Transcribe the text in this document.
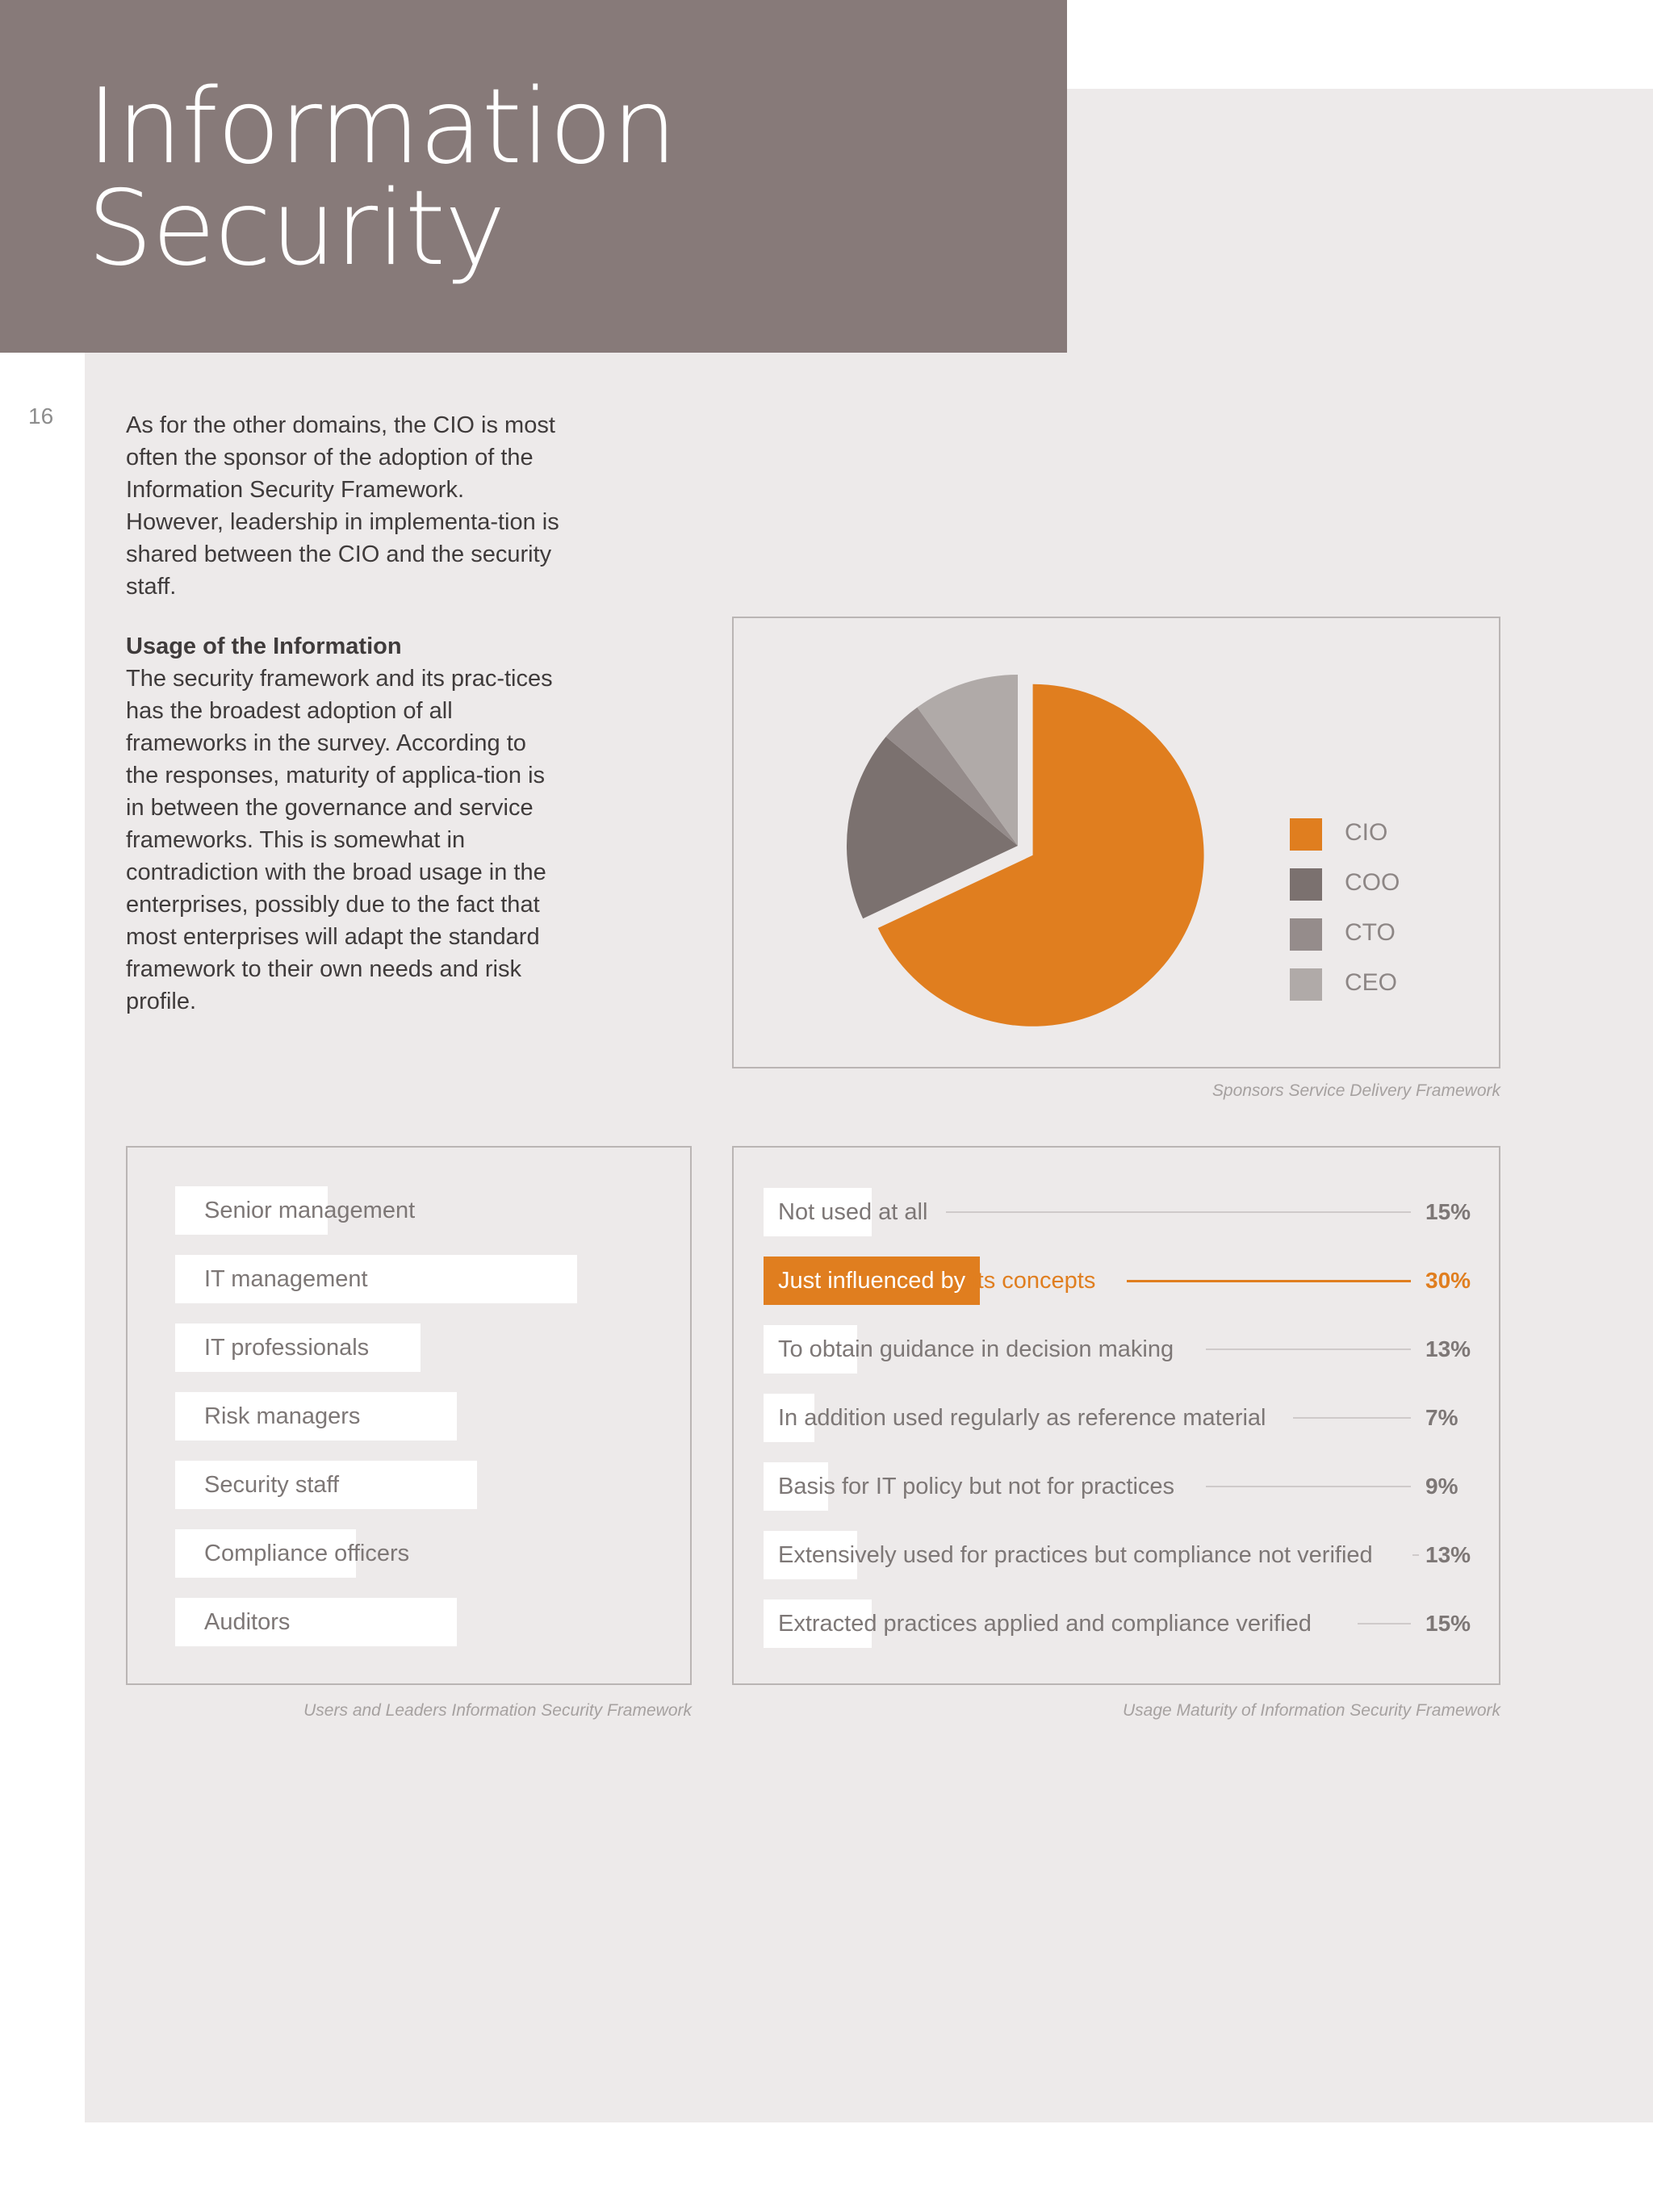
Information
Security
16	As for the other domains, the CIO is most often the sponsor of the adoption of the Information Security Framework. However, leadership in implementa-tion is shared between the CIO and the security staff.

Usage of the Information
The security framework and its prac-tices has the broadest adoption of all frameworks in the survey. According to the responses, maturity of applica-tion is in between the governance and service frameworks. This is somewhat in contradiction with the broad usage in the enterprises, possibly due to the fact that most enterprises will adapt the standard framework to their own needs and risk profile.

CIO
COO
CTO
CEO
Sponsors Service Delivery Framework
Senior management
IT management
IT professionals
Risk managers
Security staff
Compliance officers
Auditors
Users and Leaders Information Security Framework
Not used at all	15%
Just influenced by its concepts	30%
To obtain guidance in decision making	13%
In addition used regularly as reference material	7%
Basis for IT policy but not for practices	9%
Extensively used for practices but compliance not verified 13%
Extracted practices applied and compliance verified	15%
Usage Maturity of Information Security Framework
